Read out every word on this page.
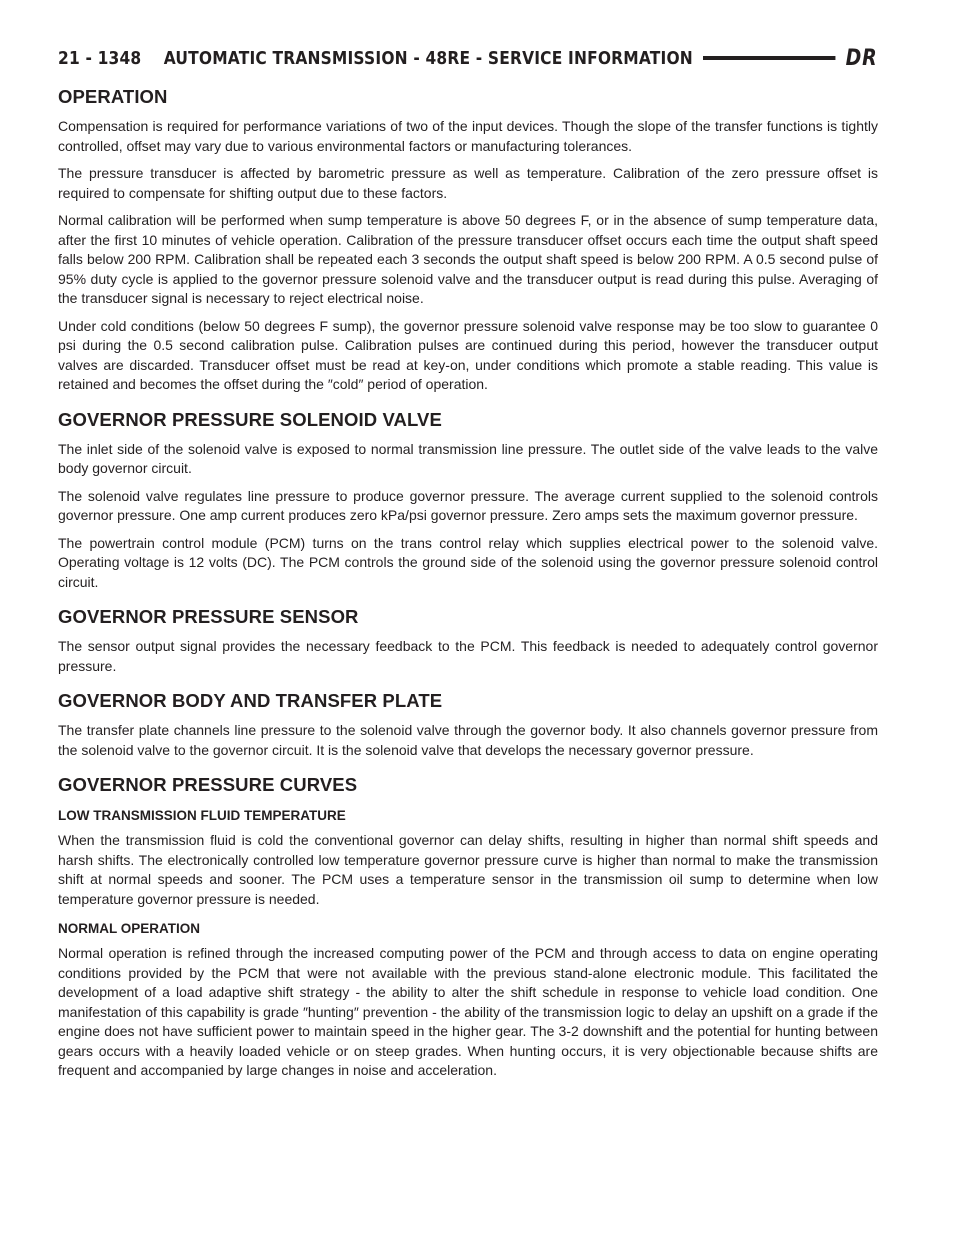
21 - 1348 AUTOMATIC TRANSMISSION - 48RE - SERVICE INFORMATION	DR
OPERATION

Compensation is required for performance variations of two of the input devices. Though the slope of the transfer functions is tightly controlled, offset may vary due to various environmental factors or manufacturing tolerances.

The pressure transducer is affected by barometric pressure as well as temperature. Calibration of the zero pressure offset is required to compensate for shifting output due to these factors.

Normal calibration will be performed when sump temperature is above 50 degrees F, or in the absence of sump temperature data, after the first 10 minutes of vehicle operation. Calibration of the pressure transducer offset occurs each time the output shaft speed falls below 200 RPM. Calibration shall be repeated each 3 seconds the output shaft speed is below 200 RPM. A 0.5 second pulse of 95% duty cycle is applied to the governor pressure solenoid valve and the transducer output is read during this pulse. Averaging of the transducer signal is necessary to reject electrical noise.

Under cold conditions (below 50 degrees F sump), the governor pressure solenoid valve response may be too slow to guarantee 0 psi during the 0.5 second calibration pulse. Calibration pulses are continued during this period, however the transducer output valves are discarded. Transducer offset must be read at key-on, under conditions which promote a stable reading. This value is retained and becomes the offset during the ″cold″ period of operation.

GOVERNOR PRESSURE SOLENOID VALVE

The inlet side of the solenoid valve is exposed to normal transmission line pressure. The outlet side of the valve leads to the valve body governor circuit.

The solenoid valve regulates line pressure to produce governor pressure. The average current supplied to the solenoid controls governor pressure. One amp current produces zero kPa/psi governor pressure. Zero amps sets the maximum governor pressure.

The powertrain control module (PCM) turns on the trans control relay which supplies electrical power to the solenoid valve. Operating voltage is 12 volts (DC). The PCM controls the ground side of the solenoid using the governor pressure solenoid control circuit.

GOVERNOR PRESSURE SENSOR

The sensor output signal provides the necessary feedback to the PCM. This feedback is needed to adequately control governor pressure.

GOVERNOR BODY AND TRANSFER PLATE

The transfer plate channels line pressure to the solenoid valve through the governor body. It also channels governor pressure from the solenoid valve to the governor circuit. It is the solenoid valve that develops the necessary governor pressure.

GOVERNOR PRESSURE CURVES
LOW TRANSMISSION FLUID TEMPERATURE

When the transmission fluid is cold the conventional governor can delay shifts, resulting in higher than normal shift speeds and harsh shifts. The electronically controlled low temperature governor pressure curve is higher than normal to make the transmission shift at normal speeds and sooner. The PCM uses a temperature sensor in the transmission oil sump to determine when low temperature governor pressure is needed.

NORMAL OPERATION

Normal operation is refined through the increased computing power of the PCM and through access to data on engine operating conditions provided by the PCM that were not available with the previous stand-alone electronic module. This facilitated the development of a load adaptive shift strategy - the ability to alter the shift schedule in response to vehicle load condition. One manifestation of this capability is grade ″hunting″ prevention - the ability of the transmission logic to delay an upshift on a grade if the engine does not have sufficient power to maintain speed in the higher gear. The 3-2 downshift and the potential for hunting between gears occurs with a heavily loaded vehicle or on steep grades. When hunting occurs, it is very objectionable because shifts are frequent and accompanied by large changes in noise and acceleration.
